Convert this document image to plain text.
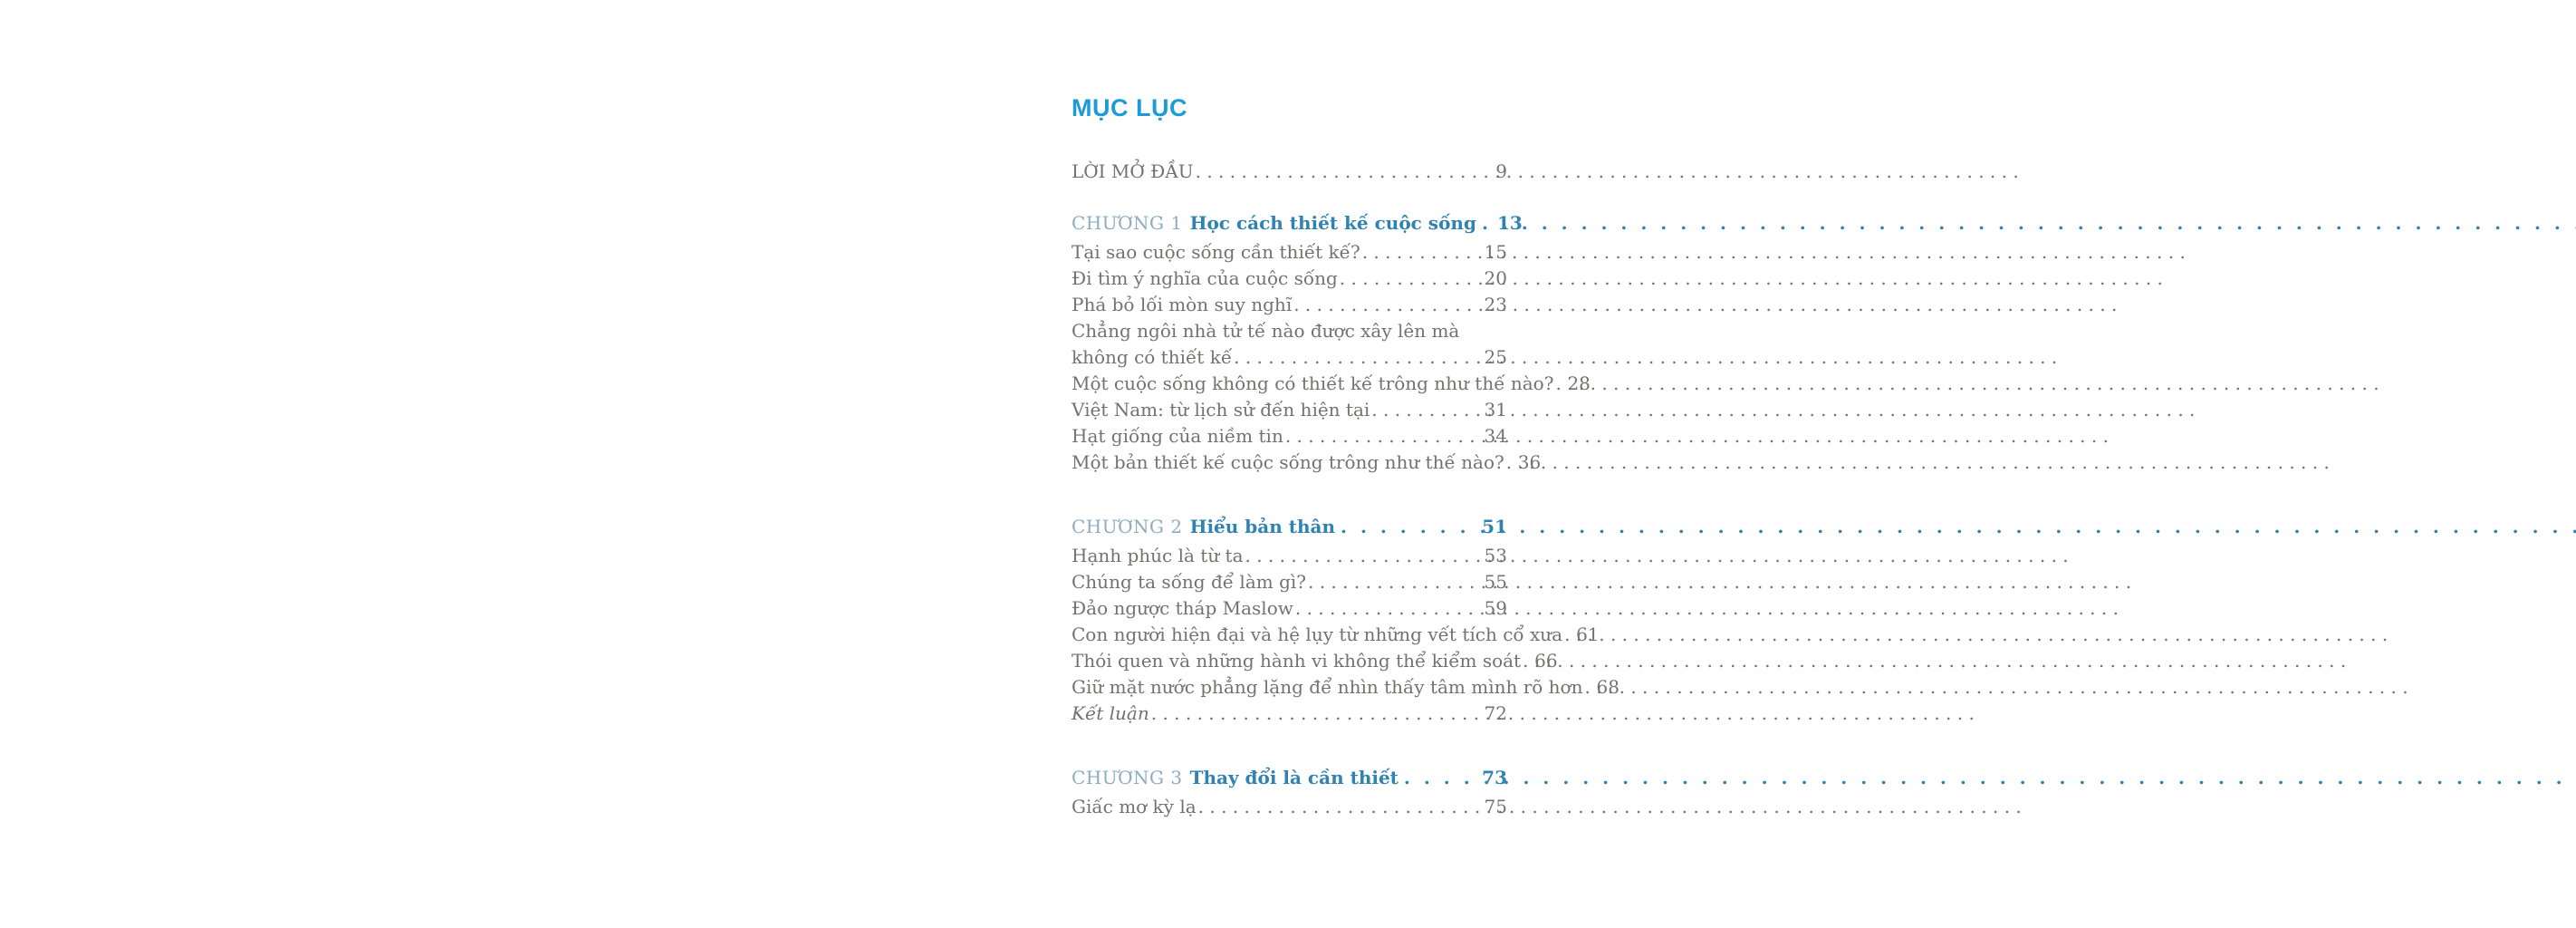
MỤC LỤC
LỜI MỞ ĐẦU . . .	9
CHƯƠNG 1 Học cách thiết kế cuộc sống . . . 13
Tại sao cuộc sống cần thiết kế? . . .	15
Đi tìm ý nghĩa của cuộc sống . . .	20
Phá bỏ lối mòn suy nghĩ . . .	23
Chẳng ngôi nhà tử tế nào được xây lên mà
không có thiết kế . . .	25
Một cuộc sống không có thiết kế trông như thế nào? . . . 28
Việt Nam: từ lịch sử đến hiện tại . . .	31
Hạt giống của niềm tin . . .	34
Một bản thiết kế cuộc sống trông như thế nào? . . . 36
CHƯƠNG 2 Hiểu bản thân . . .	51
Hạnh phúc là từ ta . . .	53
Chúng ta sống để làm gì? . . .	55
Đảo ngược tháp Maslow . . .	59
Con người hiện đại và hệ lụy từ những vết tích cổ xưa . . . 61
Thói quen và những hành vi không thể kiểm soát . . . 66
Giữ mặt nước phẳng lặng để nhìn thấy tâm mình rõ hơn . . . 68
Kết luận . . .	72
CHƯƠNG 3 Thay đổi là cần thiết . . .	73
Giấc mơ kỳ lạ . . .	75
